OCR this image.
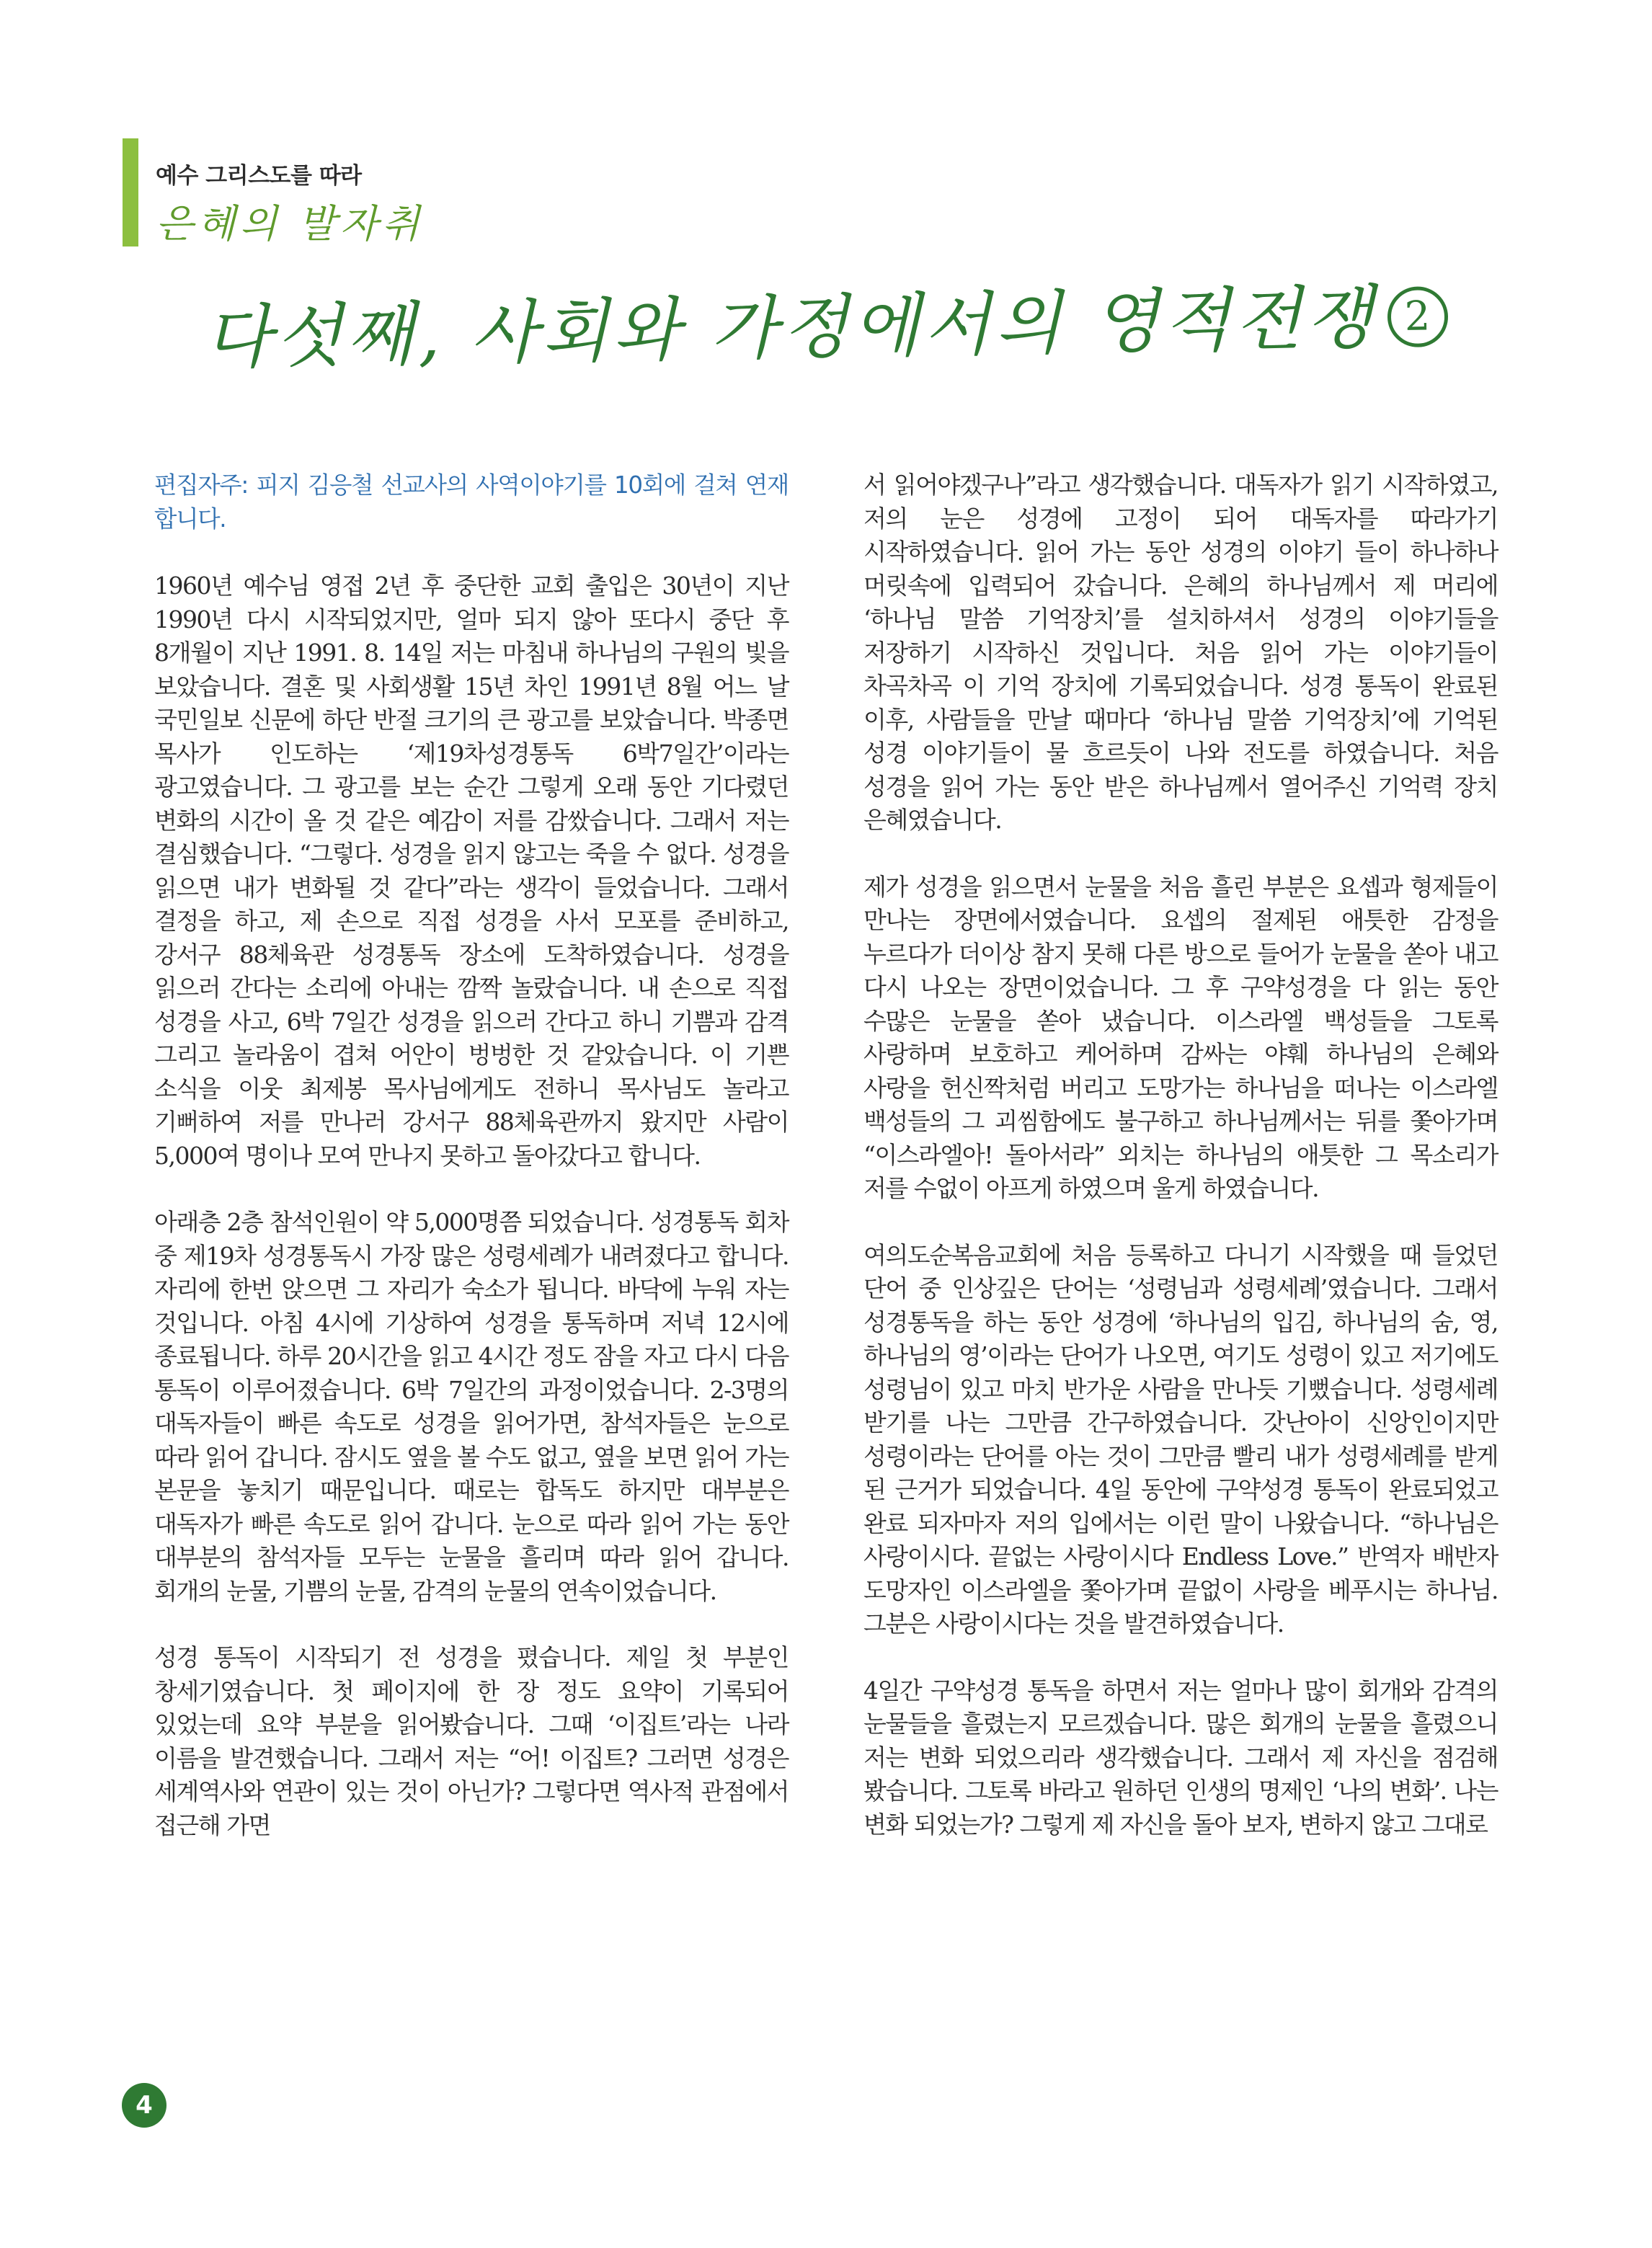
예수 그리스도를 따라
은혜의 발자취
다섯째, 사회와 가정에서의 영적전쟁 2

편집자주: 피지 김응철 선교사의 사역이야기를 10회에 걸쳐 연재합니다.

1960년 예수님 영접 2년 후 중단한 교회 출입은 30년이 지난 1990년 다시 시작되었지만, 얼마 되지 않아 또다시 중단 후 8개월이 지난 1991. 8. 14일 저는 마침내 하나님의 구원의 빛을 보았습니다. 결혼 및 사회생활 15년 차인 1991년 8월 어느 날 국민일보 신문에 하단 반절 크기의 큰 광고를 보았습니다. 박종면 목사가 인도하는 ‘제19차성경통독 6박7일간’이라는 광고였습니다. 그 광고를 보는 순간 그렇게 오래 동안 기다렸던 변화의 시간이 올 것 같은 예감이 저를 감쌌습니다. 그래서 저는 결심했습니다. “그렇다. 성경을 읽지 않고는 죽을 수 없다. 성경을 읽으면 내가 변화될 것 같다”라는 생각이 들었습니다. 그래서 결정을 하고, 제 손으로 직접 성경을 사서 모포를 준비하고, 강서구 88체육관 성경통독 장소에 도착하였습니다. 성경을 읽으러 간다는 소리에 아내는 깜짝 놀랐습니다. 내 손으로 직접 성경을 사고, 6박 7일간 성경을 읽으러 간다고 하니 기쁨과 감격 그리고 놀라움이 겹쳐 어안이 벙벙한 것 같았습니다. 이 기쁜 소식을 이웃 최제봉 목사님에게도 전하니 목사님도 놀라고 기뻐하여 저를 만나러 강서구 88체육관까지 왔지만 사람이 5,000여 명이나 모여 만나지 못하고 돌아갔다고 합니다.

아래층 2층 참석인원이 약 5,000명쯤 되었습니다. 성경통독 회차 중 제19차 성경통독시 가장 많은 성령세례가 내려졌다고 합니다. 자리에 한번 앉으면 그 자리가 숙소가 됩니다. 바닥에 누워 자는 것입니다. 아침 4시에 기상하여 성경을 통독하며 저녁 12시에 종료됩니다. 하루 20시간을 읽고 4시간 정도 잠을 자고 다시 다음 통독이 이루어졌습니다. 6박 7일간의 과정이었습니다. 2-3명의 대독자들이 빠른 속도로 성경을 읽어가면, 참석자들은 눈으로 따라 읽어 갑니다. 잠시도 옆을 볼 수도 없고, 옆을 보면 읽어 가는 본문을 놓치기 때문입니다. 때로는 합독도 하지만 대부분은 대독자가 빠른 속도로 읽어 갑니다. 눈으로 따라 읽어 가는 동안 대부분의 참석자들 모두는 눈물을 흘리며 따라 읽어 갑니다. 회개의 눈물, 기쁨의 눈물, 감격의 눈물의 연속이었습니다.

성경 통독이 시작되기 전 성경을 폈습니다. 제일 첫 부분인 창세기였습니다. 첫 페이지에 한 장 정도 요약이 기록되어 있었는데 요약 부분을 읽어봤습니다. 그때 ‘이집트’라는 나라 이름을 발견했습니다. 그래서 저는 “어! 이집트? 그러면 성경은 세계역사와 연관이 있는 것이 아닌가? 그렇다면 역사적 관점에서 접근해 가면

서 읽어야겠구나”라고 생각했습니다. 대독자가 읽기 시작하였고, 저의 눈은 성경에 고정이 되어 대독자를 따라가기 시작하였습니다. 읽어 가는 동안 성경의 이야기 들이 하나하나 머릿속에 입력되어 갔습니다. 은혜의 하나님께서 제 머리에 ‘하나님 말씀 기억장치’를 설치하셔서 성경의 이야기들을 저장하기 시작하신 것입니다. 처음 읽어 가는 이야기들이 차곡차곡 이 기억 장치에 기록되었습니다. 성경 통독이 완료된 이후, 사람들을 만날 때마다 ‘하나님 말씀 기억장치’에 기억된 성경 이야기들이 물 흐르듯이 나와 전도를 하였습니다. 처음 성경을 읽어 가는 동안 받은 하나님께서 열어주신 기억력 장치 은혜였습니다.

제가 성경을 읽으면서 눈물을 처음 흘린 부분은 요셉과 형제들이 만나는 장면에서였습니다. 요셉의 절제된 애틋한 감정을 누르다가 더이상 참지 못해 다른 방으로 들어가 눈물을 쏟아 내고 다시 나오는 장면이었습니다. 그 후 구약성경을 다 읽는 동안 수많은 눈물을 쏟아 냈습니다. 이스라엘 백성들을 그토록 사랑하며 보호하고 케어하며 감싸는 야훼 하나님의 은혜와 사랑을 헌신짝처럼 버리고 도망가는 하나님을 떠나는 이스라엘 백성들의 그 괴씸함에도 불구하고 하나님께서는 뒤를 쫓아가며 “이스라엘아! 돌아서라” 외치는 하나님의 애틋한 그 목소리가 저를 수없이 아프게 하였으며 울게 하였습니다.

여의도순복음교회에 처음 등록하고 다니기 시작했을 때 들었던 단어 중 인상깊은 단어는 ‘성령님과 성령세례’였습니다. 그래서 성경통독을 하는 동안 성경에 ‘하나님의 입김, 하나님의 숨, 영, 하나님의 영’이라는 단어가 나오면, 여기도 성령이 있고 저기에도 성령님이 있고 마치 반가운 사람을 만나듯 기뻤습니다. 성령세례 받기를 나는 그만큼 간구하였습니다. 갓난아이 신앙인이지만 성령이라는 단어를 아는 것이 그만큼 빨리 내가 성령세례를 받게 된 근거가 되었습니다. 4일 동안에 구약성경 통독이 완료되었고 완료 되자마자 저의 입에서는 이런 말이 나왔습니다. “하나님은 사랑이시다. 끝없는 사랑이시다 Endless Love.” 반역자 배반자 도망자인 이스라엘을 쫓아가며 끝없이 사랑을 베푸시는 하나님. 그분은 사랑이시다는 것을 발견하였습니다.

4일간 구약성경 통독을 하면서 저는 얼마나 많이 회개와 감격의 눈물들을 흘렸는지 모르겠습니다. 많은 회개의 눈물을 흘렸으니 저는 변화 되었으리라 생각했습니다. 그래서 제 자신을 점검해 봤습니다. 그토록 바라고 원하던 인생의 명제인 ‘나의 변화’. 나는 변화 되었는가? 그렇게 제 자신을 돌아 보자, 변하지 않고 그대로

4
